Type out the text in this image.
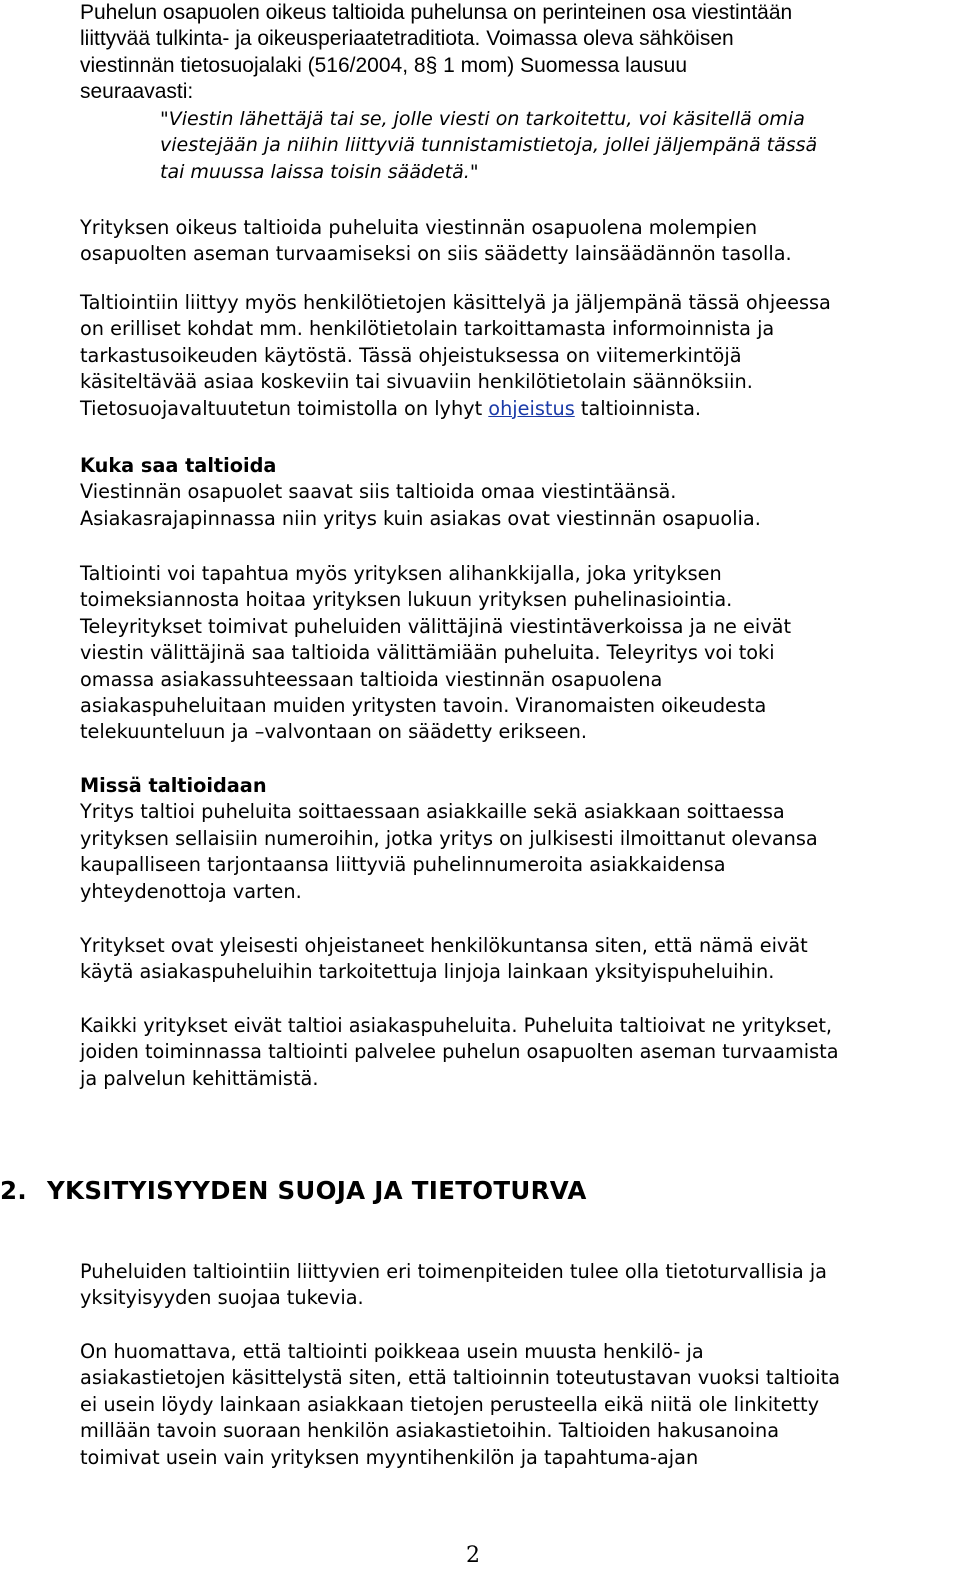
Puhelun osapuolen oikeus taltioida puhelunsa on perinteinen osa viestintään

liittyvää tulkinta- ja oikeusperiaatetraditiota. Voimassa oleva sähköisen

viestinnän tietosuojalaki (516/2004, 8§ 1 mom) Suomessa lausuu

seuraavasti:

"Viestin lähettäjä tai se, jolle viesti on tarkoitettu, voi käsitellä omia

viestejään ja niihin liittyviä tunnistamistietoja, jollei jäljempänä tässä

tai muussa laissa toisin säädetä."

Yrityksen oikeus taltioida puheluita viestinnän osapuolena molempien

osapuolten aseman turvaamiseksi on siis säädetty lainsäädännön tasolla.

Taltiointiin liittyy myös henkilötietojen käsittelyä ja jäljempänä tässä ohjeessa

on erilliset kohdat mm. henkilötietolain tarkoittamasta informoinnista ja

tarkastusoikeuden käytöstä. Tässä ohjeistuksessa on viitemerkintöjä

käsiteltävää asiaa koskeviin tai sivuaviin henkilötietolain säännöksiin.

Tietosuojavaltuutetun toimistolla on lyhyt ohjeistus taltioinnista.

Kuka saa taltioida

Viestinnän osapuolet saavat siis taltioida omaa viestintäänsä.

Asiakasrajapinnassa niin yritys kuin asiakas ovat viestinnän osapuolia.

Taltiointi voi tapahtua myös yrityksen alihankkijalla, joka yrityksen

toimeksiannosta hoitaa yrityksen lukuun yrityksen puhelinasiointia.

Teleyritykset toimivat puheluiden välittäjinä viestintäverkoissa ja ne eivät

viestin välittäjinä saa taltioida välittämiään puheluita. Teleyritys voi toki

omassa asiakassuhteessaan taltioida viestinnän osapuolena

asiakaspuheluitaan muiden yritysten tavoin. Viranomaisten oikeudesta

telekuunteluun ja –valvontaan on säädetty erikseen.

Missä taltioidaan

Yritys taltioi puheluita soittaessaan asiakkaille sekä asiakkaan soittaessa

yrityksen sellaisiin numeroihin, jotka yritys on julkisesti ilmoittanut olevansa

kaupalliseen tarjontaansa liittyviä puhelinnumeroita asiakkaidensa

yhteydenottoja varten.

Yritykset ovat yleisesti ohjeistaneet henkilökuntansa siten, että nämä eivät

käytä asiakaspuheluihin tarkoitettuja linjoja lainkaan yksityispuheluihin.

Kaikki yritykset eivät taltioi asiakaspuheluita. Puheluita taltioivat ne yritykset,

joiden toiminnassa taltiointi palvelee puhelun osapuolten aseman turvaamista

ja palvelun kehittämistä.

2. YKSITYISYYDEN SUOJA JA TIETOTURVA

Puheluiden taltiointiin liittyvien eri toimenpiteiden tulee olla tietoturvallisia ja

yksityisyyden suojaa tukevia.

On huomattava, että taltiointi poikkeaa usein muusta henkilö- ja

asiakastietojen käsittelystä siten, että taltioinnin toteutustavan vuoksi taltioita

ei usein löydy lainkaan asiakkaan tietojen perusteella eikä niitä ole linkitetty

millään tavoin suoraan henkilön asiakastietoihin. Taltioiden hakusanoina

toimivat usein vain yrityksen myyntihenkilön ja tapahtuma-ajan

2
